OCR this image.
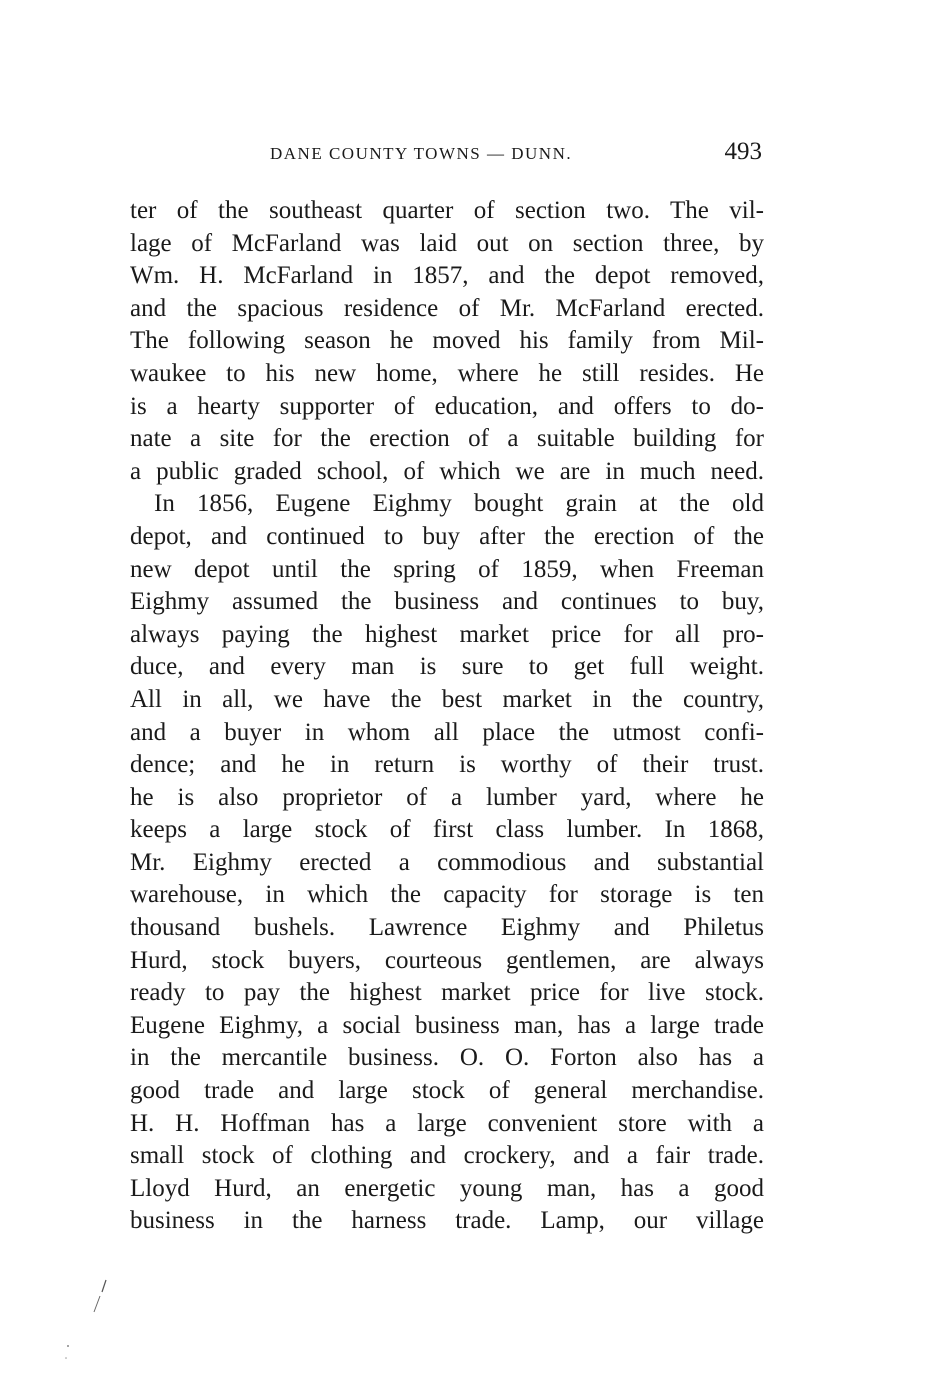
DANE COUNTY TOWNS — DUNN.	493
ter of the southeast quarter of section two. The vil-
lage of McFarland was laid out on section three, by
Wm. H. McFarland in 1857, and the depot removed,
and the spacious residence of Mr. McFarland erected.
The following season he moved his family from Mil-
waukee to his new home, where he still resides. He
is a hearty supporter of education, and offers to do-
nate a site for the erection of a suitable building for
a public graded school, of which we are in much need.
In 1856, Eugene Eighmy bought grain at the old
depot, and continued to buy after the erection of the
new depot until the spring of 1859, when Freeman
Eighmy assumed the business and continues to buy,
always paying the highest market price for all pro-
duce, and every man is sure to get full weight.
All in all, we have the best market in the country,
and a buyer in whom all place the utmost confi-
dence; and he in return is worthy of their trust.
he is also proprietor of a lumber yard, where he
keeps a large stock of first class lumber. In 1868,
Mr. Eighmy erected a commodious and substantial
warehouse, in which the capacity for storage is ten
thousand bushels. Lawrence Eighmy and Philetus
Hurd, stock buyers, courteous gentlemen, are always
ready to pay the highest market price for live stock.
Eugene Eighmy, a social business man, has a large trade
in the mercantile business. O. O. Forton also has a
good trade and large stock of general merchandise.
H. H. Hoffman has a large convenient store with a
small stock of clothing and crockery, and a fair trade.
Lloyd Hurd, an energetic young man, has a good
business in the harness trade. Lamp, our village
